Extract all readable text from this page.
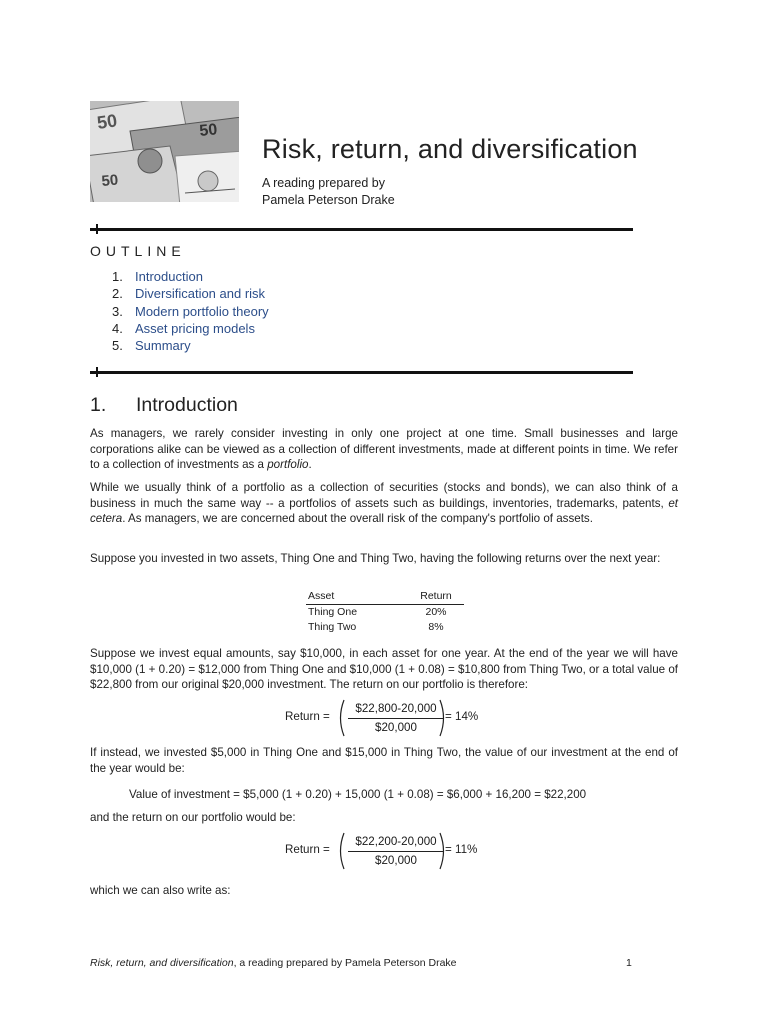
50	50
50
Risk, return, and diversification
A reading prepared by
Pamela Peterson Drake
OUTLINE
1. Introduction
2. Diversification and risk
3. Modern portfolio theory
4. Asset pricing models
5. Summary
1. Introduction
As managers, we rarely consider investing in only one project at one time. Small businesses and large corporations alike can be viewed as a collection of different investments, made at different points in time. We refer to a collection of investments as a portfolio.
While we usually think of a portfolio as a collection of securities (stocks and bonds), we can also think of a business in much the same way -- a portfolios of assets such as buildings, inventories, trademarks, patents, et cetera. As managers, we are concerned about the overall risk of the company's portfolio of assets.
Suppose you invested in two assets, Thing One and Thing Two, having the following returns over the next year:
Asset	Return
Thing One	20%
Thing Two	8%
Suppose we invest equal amounts, say $10,000, in each asset for one year. At the end of the year we will have $10,000 (1 + 0.20) = $12,000 from Thing One and $10,000 (1 + 0.08) = $10,800 from Thing Two, or a total value of $22,800 from our original $20,000 investment. The return on our portfolio is therefore:
Return =
$22,800-20,000
$20,000
= 14%
If instead, we invested $5,000 in Thing One and $15,000 in Thing Two, the value of our investment at the end of the year would be:
Value of investment = $5,000 (1 + 0.20) + 15,000 (1 + 0.08) = $6,000 + 16,200 = $22,200
and the return on our portfolio would be:
Return =
$22,200-20,000
$20,000
= 11%
which we can also write as:
Risk, return, and diversification, a reading prepared by Pamela Peterson Drake	1
